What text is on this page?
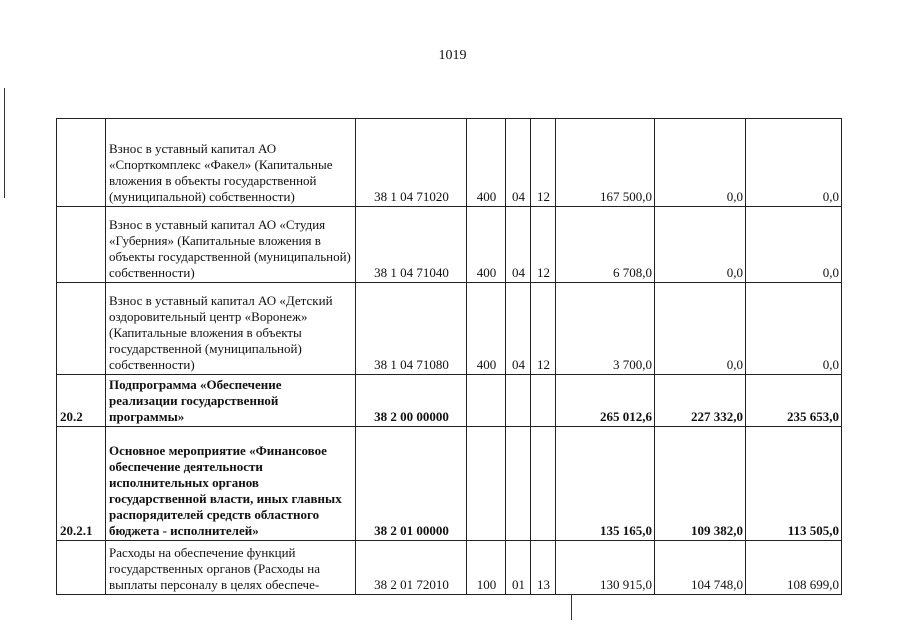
1019
	Взнос в уставный капитал АО «Спорткомплекс «Факел» (Капитальные вложения в объекты государственной (муниципальной) собственности)	38 1 04 71020	400	04	12	167 500,0	0,0	0,0
	Взнос в уставный капитал АО «Студия «Губерния» (Капитальные вложения в объекты государственной (муниципальной) собственности)	38 1 04 71040	400	04	12	6 708,0	0,0	0,0
	Взнос в уставный капитал АО «Детский оздоровительный центр «Воронеж» (Капитальные вложения в объекты государственной (муниципальной) собственности)	38 1 04 71080	400	04	12	3 700,0	0,0	0,0
20.2	Подпрограмма «Обеспечение реализации государственной программы»	38 2 00 00000				265 012,6	227 332,0	235 653,0
20.2.1	Основное мероприятие «Финансовое обеспечение деятельности исполнительных органов государственной власти, иных главных распорядителей средств областного бюджета - исполнителей»	38 2 01 00000				135 165,0	109 382,0	113 505,0
	Расходы на обеспечение функций государственных органов (Расходы на выплаты персоналу в целях обеспече-	38 2 01 72010	100	01	13	130 915,0	104 748,0	108 699,0
